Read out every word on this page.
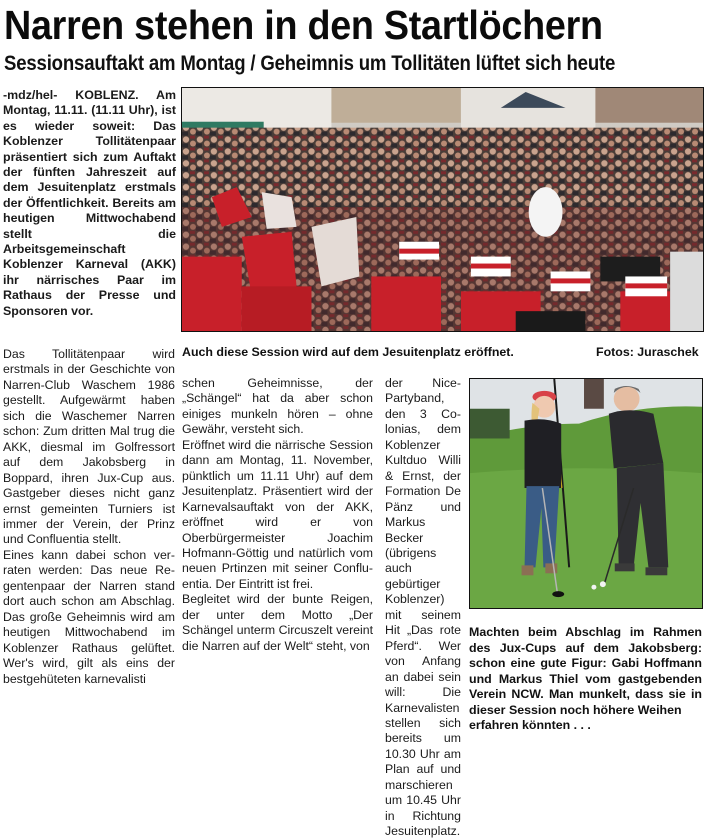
Narren stehen in den Startlöchern
Sessionsauftakt am Montag / Geheimnis um Tollitäten lüftet sich heute
-mdz/hel- KOBLENZ. Am Montag, 11.11. (11.11 Uhr), ist es wieder soweit: Das Koblenzer Tollitätenpaar präsentiert sich zum Auftakt der fünften Jahreszeit auf dem Jesuitenplatz erstmals der Öffentlichkeit. Bereits am heutigen Mittwochabend stellt die Arbeitsgemeinschaft Koblenzer Karneval (AKK) ihr närrisches Paar im Rathaus der Presse und Sponsoren vor.
Auch diese Session wird auf dem Jesuitenplatz eröffnet.	Fotos: Juraschek

Das Tollitätenpaar wird erstmals in der Geschichte von Narren-Club Waschem 1986 gestellt. Aufgewärmt haben sich die Waschemer Narren schon: Zum dritten Mal trug die AKK, diesmal im Golfressort auf dem Jakobsberg in Boppard, ihren Jux-Cup aus. Gastgeber dieses nicht ganz ernst gemeinten Turniers ist immer der Verein, der Prinz und Confluentia stellt.

Eines kann dabei schon verraten werden: Das neue Regentenpaar der Narren stand dort auch schon am Abschlag. Das große Geheimnis wird am heutigen Mittwochabend im Koblenzer Rathaus gelüftet. Wer's wird, gilt als eins der bestgehüteten karnevalisti

schen Geheimnisse, der „Schängel“ hat da aber schon einiges munkeln hören – ohne Gewähr, versteht sich.

Eröffnet wird die närrische Session dann am Montag, 11. November, pünktlich um 11.11 Uhr) auf dem Jesuitenplatz. Präsentiert wird der Karnevalsauftakt von der AKK, eröffnet wird er von Oberbürgermeister Joachim Hofmann-Göttig und natürlich vom neuen Prtinzen mit seiner Confluentia. Der Eintritt ist frei.

Begleitet wird der bunte Reigen, der unter dem Motto „Der Schängel unterm Circuszelt vereint die Narren auf der Welt“ steht, von

der Nice-Partyband, den 3 Colonias, dem Koblenzer Kultduo Willi & Ernst, der Formation De Pänz und Markus Becker (übrigens auch gebürtiger Koblenzer) mit seinem Hit „Das rote Pferd“. Wer von Anfang an dabei sein will: Die Karnevalisten stellen sich bereits um 10.30 Uhr am Plan auf und marschieren um 10.45 Uhr in Richtung Jesuitenplatz.

Machten beim Abschlag im Rahmen des Jux-Cups auf dem Jakobsberg: schon eine gute Figur: Gabi Hoffmann und Markus Thiel vom gastgebenden Verein NCW. Man munkelt, dass sie in dieser Session noch höhere Weihen
erfahren könnten . . .
